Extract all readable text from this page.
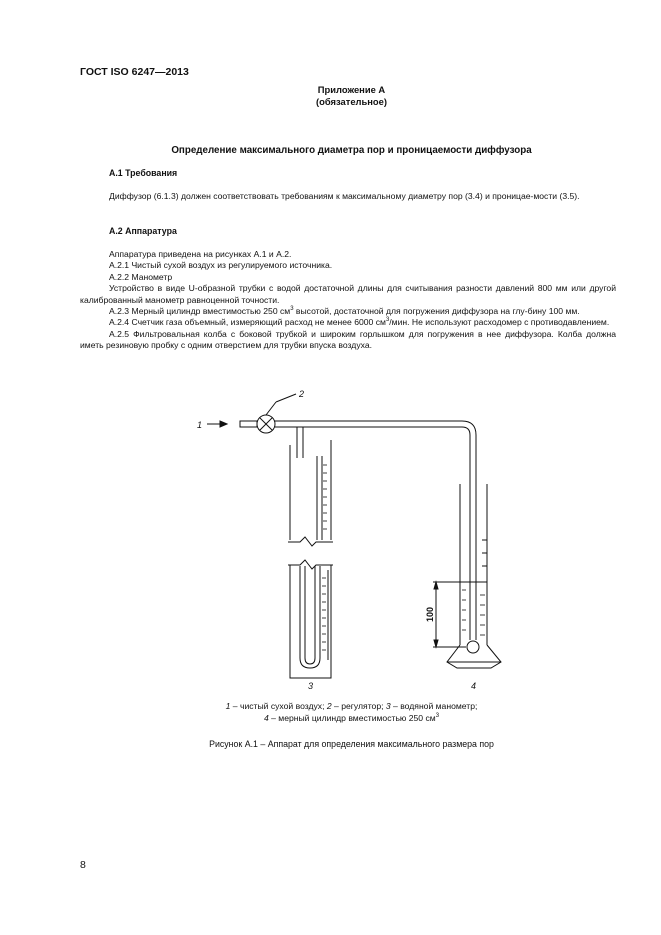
ГОСТ ISO 6247—2013
Приложение А
(обязательное)
Определение максимального диаметра пор и проницаемости диффузора
А.1 Требования

Диффузор (6.1.3) должен соответствовать требованиям к максимальному диаметру пор (3.4) и проницае-мости (3.5).

А.2 Аппаратура

Аппаратура приведена на рисунках А.1 и А.2.

А.2.1 Чистый сухой воздух из регулируемого источника.

А.2.2 Манометр

Устройство в виде U-образной трубки с водой достаточной длины для считывания разности давлений 800 мм или другой калиброванный манометр равноценной точности.

А.2.3 Мерный цилиндр вместимостью 250 $см^3$ высотой, достаточной для погружения диффузора на глу-бину 100 мм.

А.2.4 Счетчик газа объемный, измеряющий расход не менее 6000 $см^3$/мин. Не используют расходомер с противодавлением.

А.2.5 Фильтровальная колба с боковой трубкой и широким горлышком для погружения в нее диффузора. Колба должна иметь резиновую пробку с одним отверстием для трубки впуска воздуха.

1
2
3	4
100
1 – чистый сухой воздух; 2 – регулятор; 3 – водяной манометр;
4 – мерный цилиндр вместимостью 250 $см^3$
Рисунок А.1 – Аппарат для определения максимального размера пор
8
